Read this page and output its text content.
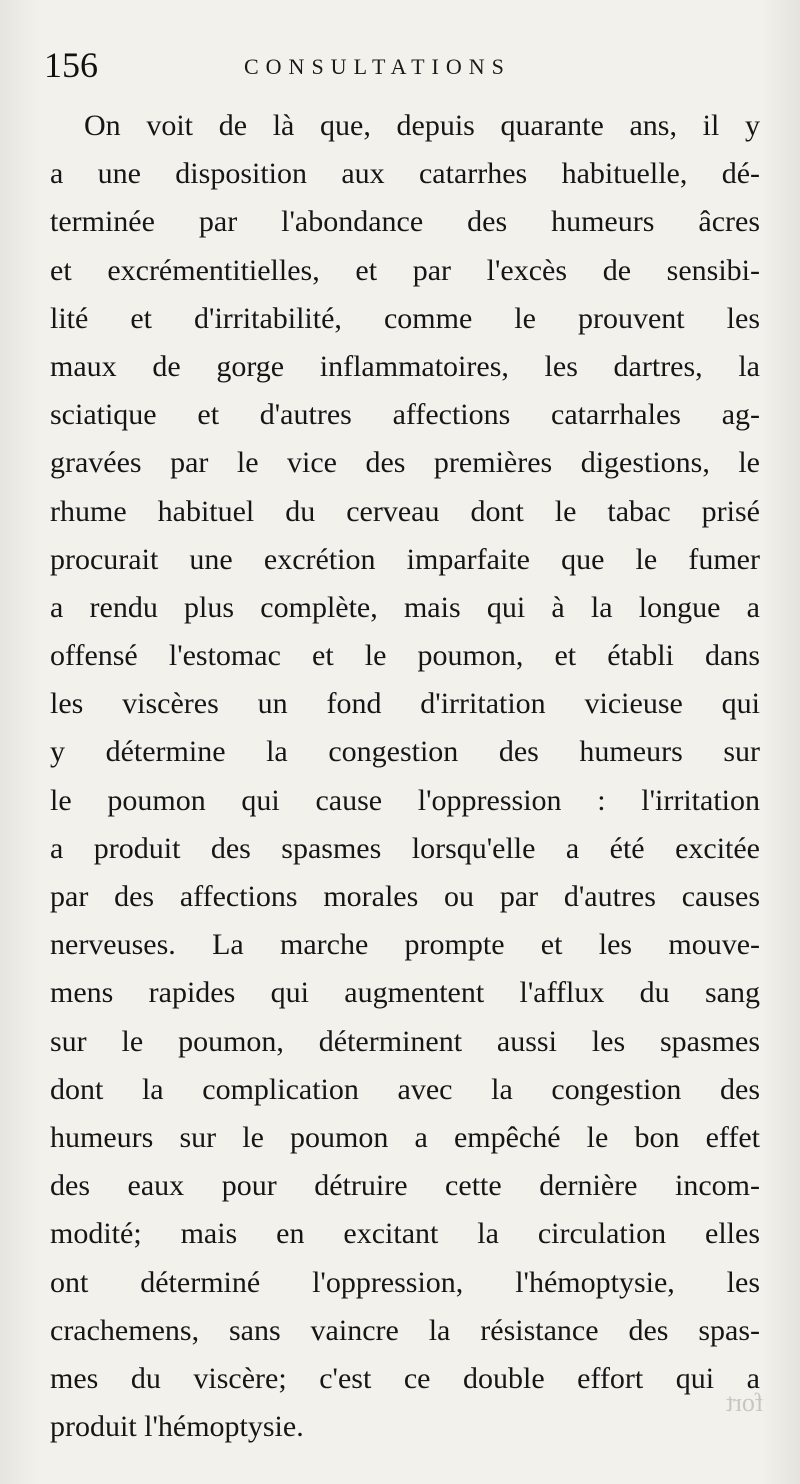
156	CONSULTATIONS
On voit de là que, depuis quarante ans, il y
a une disposition aux catarrhes habituelle, dé-
terminée par l'abondance des humeurs âcres
et excrémentitielles, et par l'excès de sensibi-
lité et d'irritabilité, comme le prouvent les
maux de gorge inflammatoires, les dartres, la
sciatique et d'autres affections catarrhales ag-
gravées par le vice des premières digestions, le
rhume habituel du cerveau dont le tabac prisé
procurait une excrétion imparfaite que le fumer
a rendu plus complète, mais qui à la longue a
offensé l'estomac et le poumon, et établi dans
les viscères un fond d'irritation vicieuse qui
y détermine la congestion des humeurs sur
le poumon qui cause l'oppression : l'irritation
a produit des spasmes lorsqu'elle a été excitée
par des affections morales ou par d'autres causes
nerveuses. La marche prompte et les mouve-
mens rapides qui augmentent l'afflux du sang
sur le poumon, déterminent aussi les spasmes
dont la complication avec la congestion des
humeurs sur le poumon a empêché le bon effet
des eaux pour détruire cette dernière incom-
modité; mais en excitant la circulation elles
ont déterminé l'oppression, l'hémoptysie, les
crachemens, sans vaincre la résistance des spas-
mes du viscère; c'est ce double effort qui a
produit l'hémoptysie.
fort
